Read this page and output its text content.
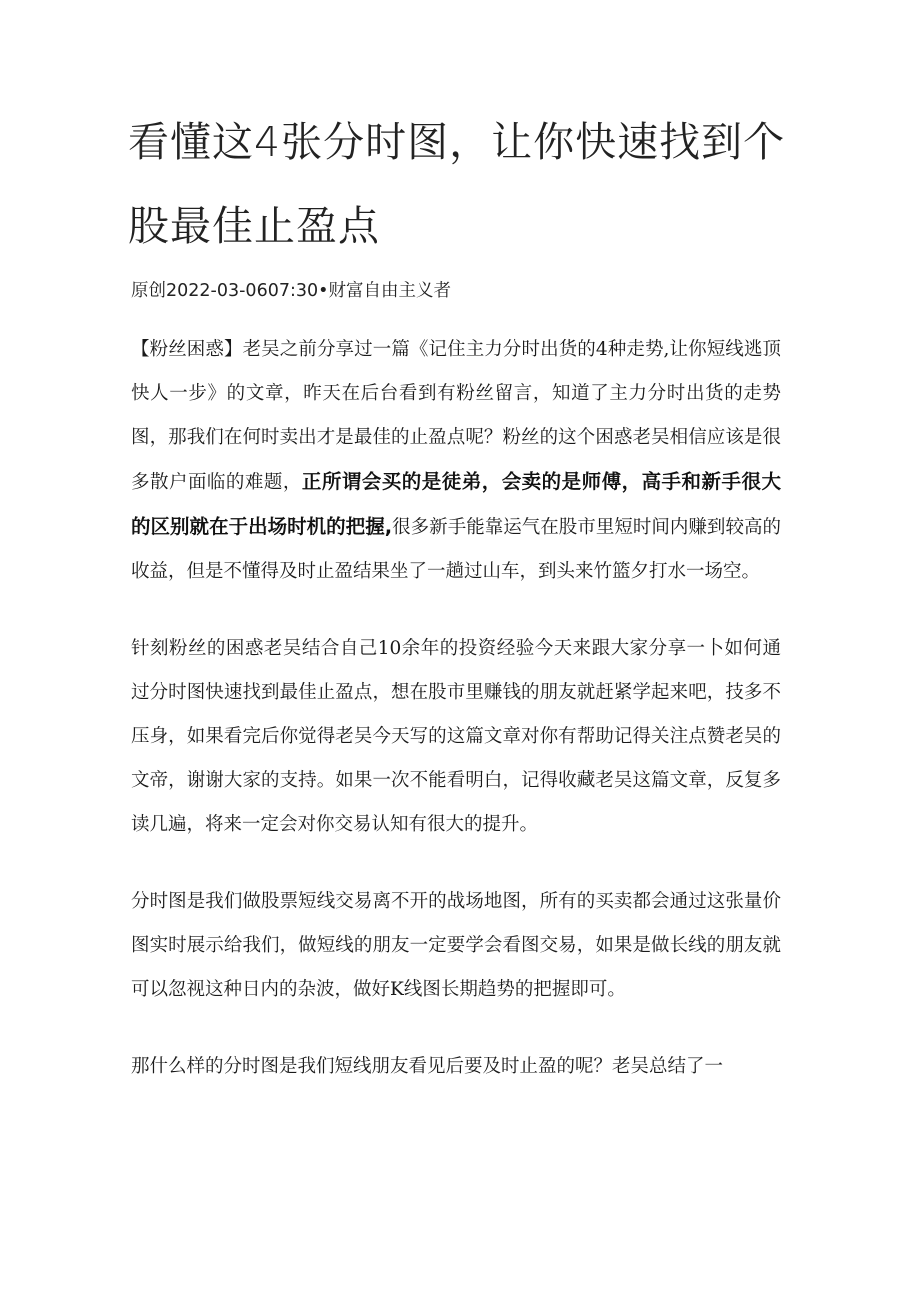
看懂这4张分时图，让你快速找到个股最佳止盈点
原创2022-03-0607:30•财富自由主义者

【粉丝困惑】老吴之前分享过一篇《记住主力分时出货的4种走势,让你短线逃顶快人一步》的文章，昨天在后台看到有粉丝留言，知道了主力分时出货的走势图，那我们在何时卖出才是最佳的止盈点呢？粉丝的这个困惑老吴相信应该是很多散户面临的难题，正所谓会买的是徒弟，会卖的是师傅，高手和新手很大的区别就在于出场时机的把握,很多新手能靠运气在股市里短时间内赚到较高的收益，但是不懂得及时止盈结果坐了一趟过山车，到头来竹篮夕打水一场空。

针刻粉丝的困惑老吴结合自己10余年的投资经验今天来跟大家分享一卜如何通过分时图快速找到最佳止盈点，想在股市里赚钱的朋友就赶紧学起来吧，技多不压身，如果看完后你觉得老吴今天写的这篇文章对你有帮助记得关注点赞老吴的文帝，谢谢大家的支持。如果一次不能看明白，记得收藏老吴这篇文章，反复多读几遍，将来一定会对你交易认知有很大的提升。

分时图是我们做股票短线交易离不开的战场地图，所有的买卖都会通过这张量价图实时展示给我们，做短线的朋友一定要学会看图交易，如果是做长线的朋友就可以忽视这种日内的杂波，做好K线图长期趋势的把握即可。

那什么样的分时图是我们短线朋友看见后要及时止盈的呢？老吴总结了一
